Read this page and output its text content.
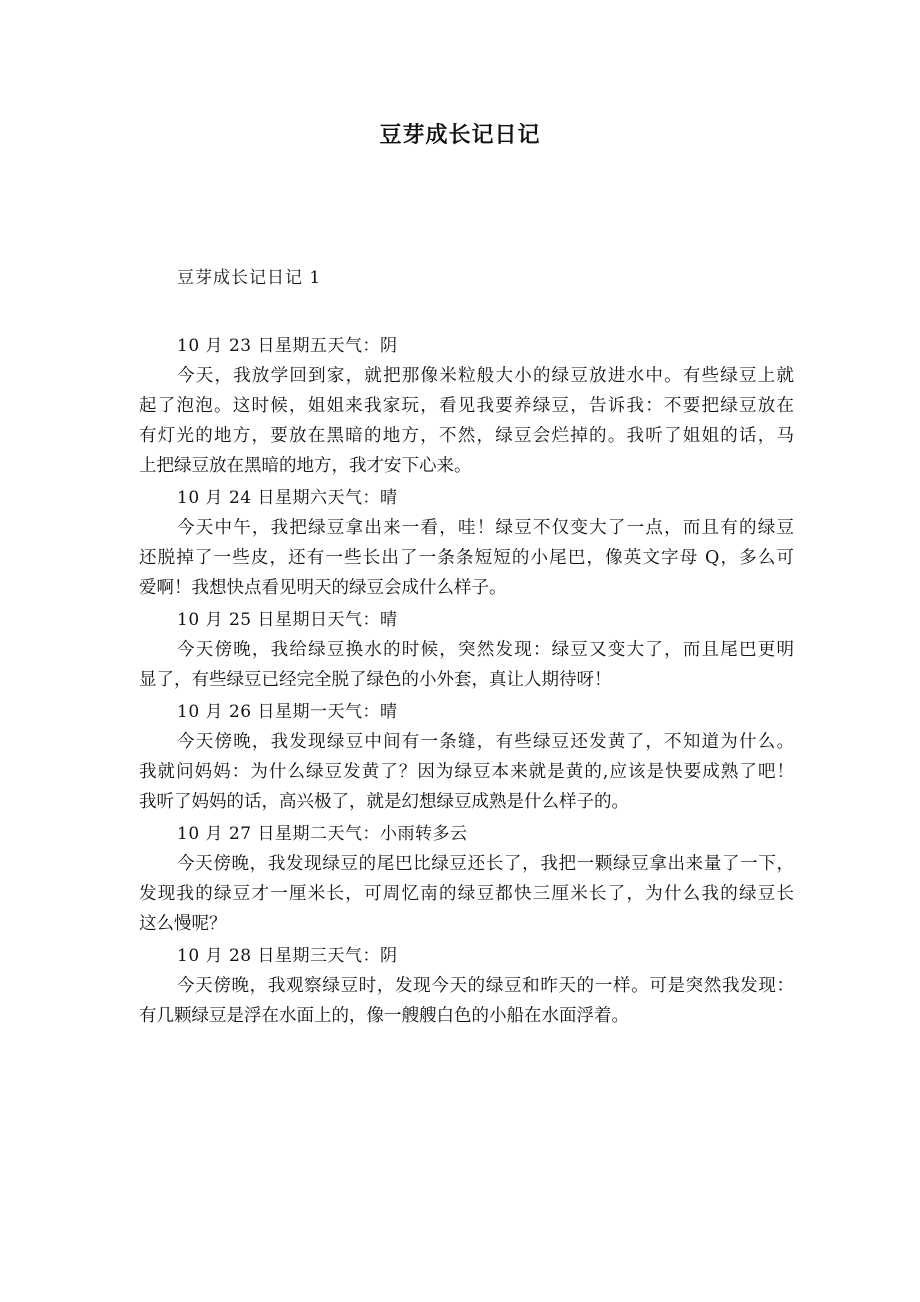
豆芽成长记日记
豆芽成长记日记 1
10 月 23 日星期五天气：阴
今天，我放学回到家，就把那像米粒般大小的绿豆放进水中。有些绿豆上就
起了泡泡。这时候，姐姐来我家玩，看见我要养绿豆，告诉我：不要把绿豆放在
有灯光的地方，要放在黑暗的地方，不然，绿豆会烂掉的。我听了姐姐的话，马
上把绿豆放在黑暗的地方，我才安下心来。
10 月 24 日星期六天气：晴
今天中午，我把绿豆拿出来一看，哇！绿豆不仅变大了一点，而且有的绿豆
还脱掉了一些皮，还有一些长出了一条条短短的小尾巴，像英文字母 Q，多么可
爱啊！我想快点看见明天的绿豆会成什么样子。
10 月 25 日星期日天气：晴
今天傍晚，我给绿豆换水的时候，突然发现：绿豆又变大了，而且尾巴更明
显了，有些绿豆已经完全脱了绿色的小外套，真让人期待呀！
10 月 26 日星期一天气：晴
今天傍晚，我发现绿豆中间有一条缝，有些绿豆还发黄了，不知道为什么。
我就问妈妈：为什么绿豆发黄了？因为绿豆本来就是黄的,应该是快要成熟了吧！
我听了妈妈的话，高兴极了，就是幻想绿豆成熟是什么样子的。
10 月 27 日星期二天气：小雨转多云
今天傍晚，我发现绿豆的尾巴比绿豆还长了，我把一颗绿豆拿出来量了一下，
发现我的绿豆才一厘米长，可周忆南的绿豆都快三厘米长了，为什么我的绿豆长
这么慢呢？
10 月 28 日星期三天气：阴
今天傍晚，我观察绿豆时，发现今天的绿豆和昨天的一样。可是突然我发现：
有几颗绿豆是浮在水面上的，像一艘艘白色的小船在水面浮着。
